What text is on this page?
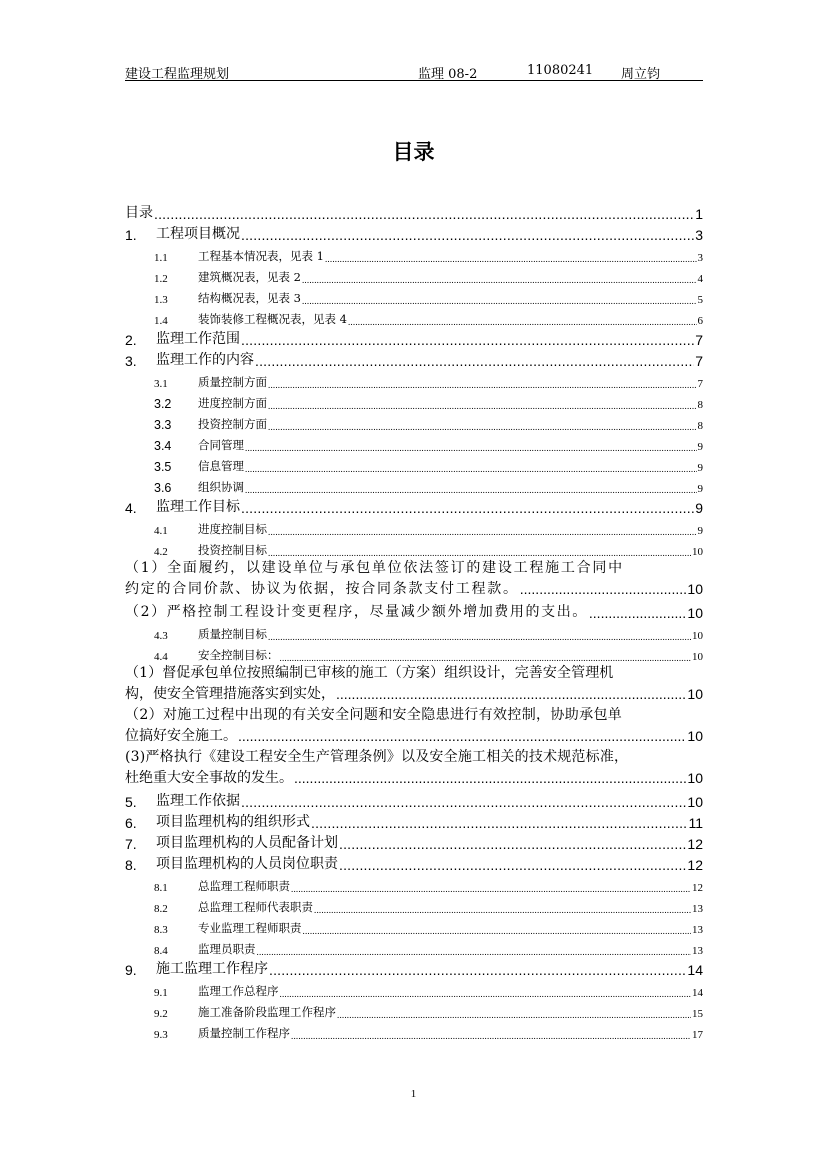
建设工程监理规划	监理 08-2	11080241 周立钧
目录
目录 .....	1
1.	工程项目概况 .....	3
1.1	工程基本情况表，见表 1 .....	3
1.2	建筑概况表，见表 2 .....	4
1.3	结构概况表，见表 3 .....	5
1.4	装饰装修工程概况表，见表 4 .....	6
2.	监理工作范围 .....	7
3.	监理工作的内容 .....	7
3.1	质量控制方面 .....	7
3.2	进度控制方面 .....	8
3.3	投资控制方面 .....	8
3.4	合同管理 .....	9
3.5	信息管理 .....	9
3.6	组织协调 .....	9
4.	监理工作目标 .....	9
4.1	进度控制目标 .....	9
4.2	投资控制目标 .....	10
（1）全面履约，以建设单位与承包单位依法签订的建设工程施工合同中
约定的合同价款、协议为依据，按合同条款支付工程款。 .....	10
（2）严格控制工程设计变更程序，尽量减少额外增加费用的支出。 .....	10
4.3	质量控制目标 .....	10
4.4	安全控制目标： .....	10
（1）督促承包单位按照编制已审核的施工（方案）组织设计，完善安全管理机
构，使安全管理措施落实到实处， .....	10
（2）对施工过程中出现的有关安全问题和安全隐患进行有效控制，协助承包单
位搞好安全施工。 .....	10
(3)严格执行《建设工程安全生产管理条例》以及安全施工相关的技术规范标准，
杜绝重大安全事故的发生。 .....	10
5.	监理工作依据 .....	10
6.	项目监理机构的组织形式 .....	11
7.	项目监理机构的人员配备计划 .....	12
8.	项目监理机构的人员岗位职责 .....	12
8.1	总监理工程师职责 .....	12
8.2	总监理工程师代表职责 .....	13
8.3	专业监理工程师职责 .....	13
8.4	监理员职责 .....	13
9.	施工监理工作程序 .....	14
9.1	监理工作总程序 .....	14
9.2	施工准备阶段监理工作程序 .....	15
9.3	质量控制工作程序 .....	17
1
